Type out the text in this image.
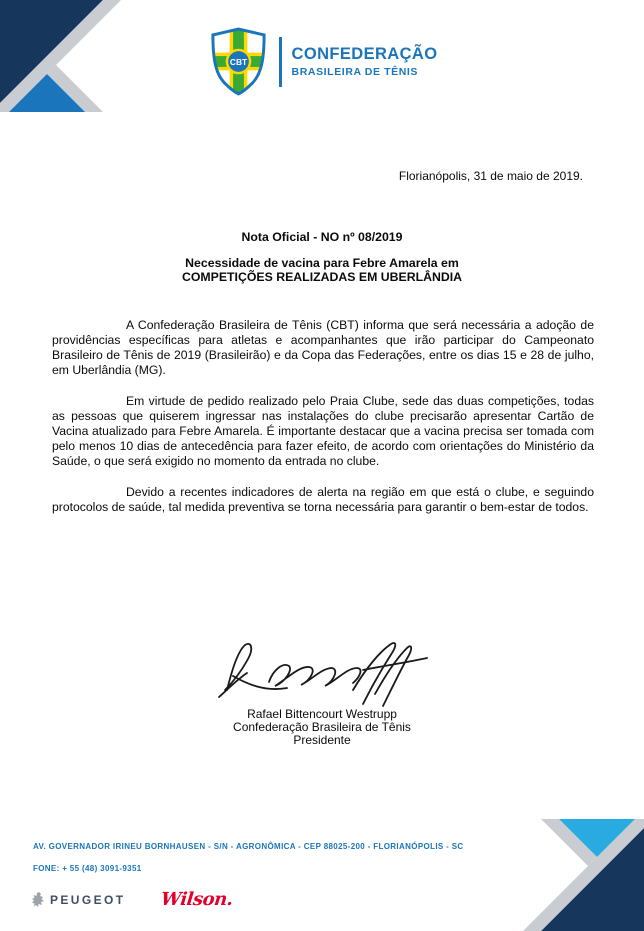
CBT	CONFEDERAÇÃO
BRASILEIRA DE TÊNIS
Florianópolis, 31 de maio de 2019.
Nota Oficial - NO nº 08/2019
Necessidade de vacina para Febre Amarela em
COMPETIÇÕES REALIZADAS EM UBERLÂNDIA

A Confederação Brasileira de Tênis (CBT) informa que será necessária a adoção de providências específicas para atletas e acompanhantes que irão participar do Campeonato Brasileiro de Tênis de 2019 (Brasileirão) e da Copa das Federações, entre os dias 15 e 28 de julho, em Uberlândia (MG).

Em virtude de pedido realizado pelo Praia Clube, sede das duas competições, todas as pessoas que quiserem ingressar nas instalações do clube precisarão apresentar Cartão de Vacina atualizado para Febre Amarela. É importante destacar que a vacina precisa ser tomada com pelo menos 10 dias de antecedência para fazer efeito, de acordo com orientações do Ministério da Saúde, o que será exigido no momento da entrada no clube.

Devido a recentes indicadores de alerta na região em que está o clube, e seguindo protocolos de saúde, tal medida preventiva se torna necessária para garantir o bem-estar de todos.

Rafael Bittencourt Westrupp
Confederação Brasileira de Tênis
Presidente
AV. GOVERNADOR IRINEU BORNHAUSEN - S/N - AGRONÔMICA - CEP 88025-200 - FLORIANÓPOLIS - SC
FONE: + 55 (48) 3091-9351
PEUGEOT Wilson.
